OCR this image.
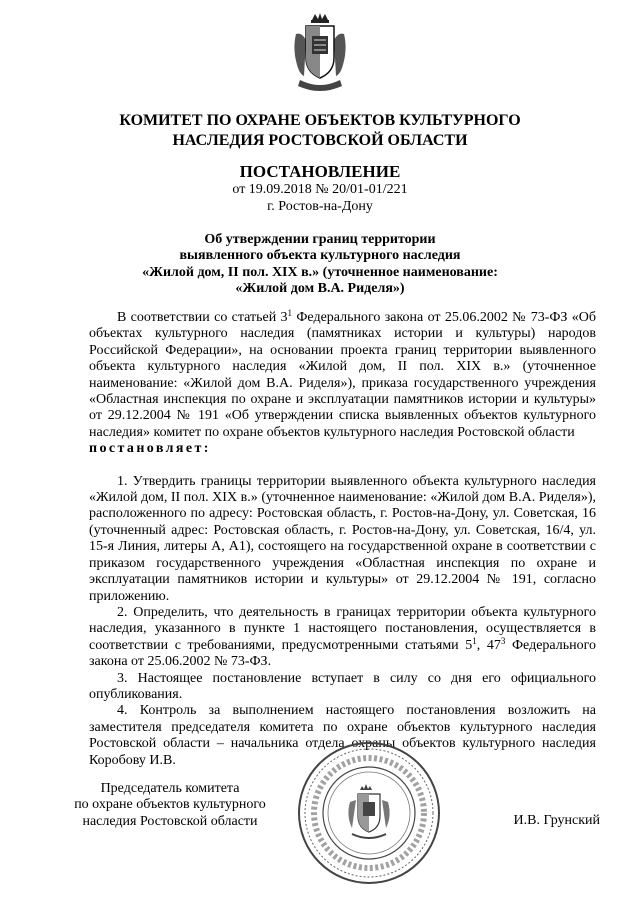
КОМИТЕТ ПО ОХРАНЕ ОБЪЕКТОВ КУЛЬТУРНОГО
НАСЛЕДИЯ РОСТОВСКОЙ ОБЛАСТИ
ПОСТАНОВЛЕНИЕ
от 19.09.2018 № 20/01-01/221
г. Ростов-на-Дону
Об утверждении границ территории
выявленного объекта культурного наследия
«Жилой дом, II пол. XIX в.» (уточненное наименование:
«Жилой дом В.А. Риделя»)

В соответствии со статьей $3^1$ Федерального закона от 25.06.2002 № 73-ФЗ «Об объектах культурного наследия (памятниках истории и культуры) народов Российской Федерации», на основании проекта границ территории выявленного объекта культурного наследия «Жилой дом, II пол. XIX в.» (уточненное наименование: «Жилой дом В.А. Риделя»), приказа государственного учреждения «Областная инспекция по охране и эксплуатации памятников истории и культуры» от 29.12.2004 № 191 «Об утверждении списка выявленных объектов культурного наследия» комитет по охране объектов культурного наследия Ростовской области

постановляет:

1. Утвердить границы территории выявленного объекта культурного наследия «Жилой дом, II пол. XIX в.» (уточненное наименование: «Жилой дом В.А. Риделя»), расположенного по адресу: Ростовская область, г. Ростов-на-Дону, ул. Советская, 16 (уточненный адрес: Ростовская область, г. Ростов-на-Дону, ул. Советская, 16/4, ул. 15-я Линия, литеры А, А1), состоящего на государственной охране в соответствии с приказом государственного учреждения «Областная инспекция по охране и эксплуатации памятников истории и культуры» от 29.12.2004 № 191, согласно приложению.

2. Определить, что деятельность в границах территории объекта культурного наследия, указанного в пункте 1 настоящего постановления, осуществляется в соответствии с требованиями, предусмотренными статьями $5^1$, $47^3$ Федерального закона от 25.06.2002 № 73-ФЗ.

3. Настоящее постановление вступает в силу со дня его официального опубликования.

4. Контроль за выполнением настоящего постановления возложить на заместителя председателя комитета по охране объектов культурного наследия Ростовской области – начальника отдела охраны объектов культурного наследия Коробову И.В.

Председатель комитета
по охране объектов культурного
наследия Ростовской области	И.В. Грунский
